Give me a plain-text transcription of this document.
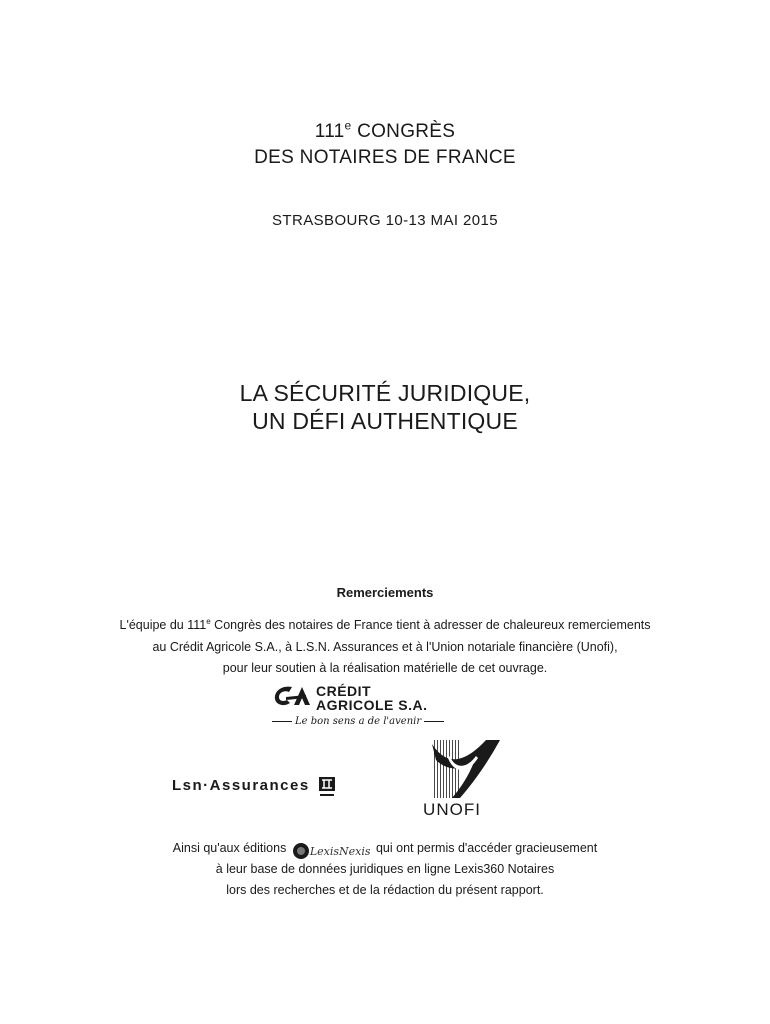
111e CONGRÈS
DES NOTAIRES DE FRANCE
STRASBOURG 10-13 MAI 2015
LA SÉCURITÉ JURIDIQUE,
UN DÉFI AUTHENTIQUE
Remerciements
L'équipe du 111e Congrès des notaires de France tient à adresser de chaleureux remerciements
au Crédit Agricole S.A., à L.S.N. Assurances et à l'Union notariale financière (Unofi),
pour leur soutien à la réalisation matérielle de cet ouvrage.
CRÉDIT
AGRICOLE S.A.
Le bon sens a de l'avenir
Lsn·Assurances
UNOFI
Ainsi qu'aux éditions LexisNexis qui ont permis d'accéder gracieusement
à leur base de données juridiques en ligne Lexis360 Notaires
lors des recherches et de la rédaction du présent rapport.
